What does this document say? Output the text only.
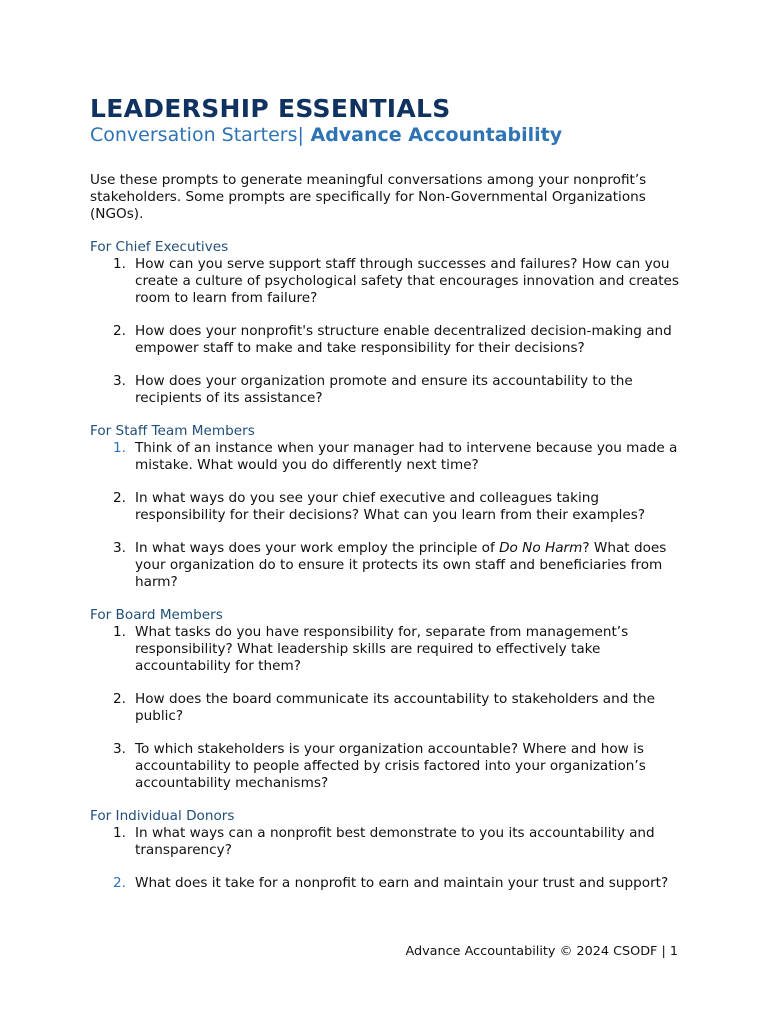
LEADERSHIP ESSENTIALS
Conversation Starters| Advance Accountability

Use these prompts to generate meaningful conversations among your nonprofit’s stakeholders. Some prompts are specifically for Non-Governmental Organizations (NGOs).

For Chief Executives
1. How can you serve support staff through successes and failures? How can you create a culture of psychological safety that encourages innovation and creates room to learn from failure?
2. How does your nonprofit's structure enable decentralized decision-making and empower staff to make and take responsibility for their decisions?
3. How does your organization promote and ensure its accountability to the recipients of its assistance?
For Staff Team Members
1. Think of an instance when your manager had to intervene because you made a mistake. What would you do differently next time?
2. In what ways do you see your chief executive and colleagues taking responsibility for their decisions? What can you learn from their examples?
3. In what ways does your work employ the principle of Do No Harm? What does your organization do to ensure it protects its own staff and beneficiaries from harm?
For Board Members
1. What tasks do you have responsibility for, separate from management’s responsibility? What leadership skills are required to effectively take accountability for them?
2. How does the board communicate its accountability to stakeholders and the public?
3. To which stakeholders is your organization accountable? Where and how is accountability to people affected by crisis factored into your organization’s accountability mechanisms?
For Individual Donors
1. In what ways can a nonprofit best demonstrate to you its accountability and transparency?
2. What does it take for a nonprofit to earn and maintain your trust and support?
Advance Accountability © 2024 CSODF | 1
